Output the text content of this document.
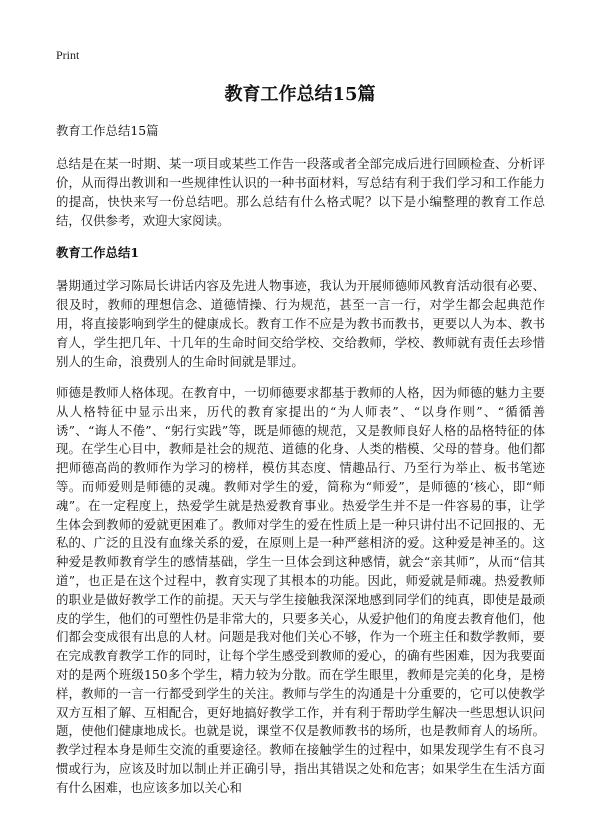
Print
教育工作总结15篇

教育工作总结15篇

总结是在某一时期、某一项目或某些工作告一段落或者全部完成后进行回顾检查、分析评价，从而得出教训和一些规律性认识的一种书面材料，写总结有利于我们学习和工作能力的提高，快快来写一份总结吧。那么总结有什么格式呢？以下是小编整理的教育工作总结，仅供参考，欢迎大家阅读。

教育工作总结1

暑期通过学习陈局长讲话内容及先进人物事迹，我认为开展师德师风教育活动很有必要、很及时，教师的理想信念、道德情操、行为规范，甚至一言一行，对学生都会起典范作用，将直接影响到学生的健康成长。教育工作不应是为教书而教书，更要以人为本、教书育人，学生把几年、十几年的生命时间交给学校、交给教师，学校、教师就有责任去珍惜别人的生命，浪费别人的生命时间就是罪过。

师德是教师人格体现。在教育中，一切师德要求都基于教师的人格，因为师德的魅力主要从人格特征中显示出来，历代的教育家提出的“为人师表”、“以身作则”、“循循善诱”、“诲人不倦”、“躬行实践”等，既是师德的规范，又是教师良好人格的品格特征的体现。在学生心目中，教师是社会的规范、道德的化身、人类的楷模、父母的替身。他们都把师德高尚的教师作为学习的榜样，模仿其态度、情趣品行、乃至行为举止、板书笔迹等。而师爱则是师德的灵魂。教师对学生的爱，简称为“师爱”，是师德的‘核心，即“师魂”。在一定程度上，热爱学生就是热爱教育事业。热爱学生并不是一件容易的事，让学生体会到教师的爱就更困难了。教师对学生的爱在性质上是一种只讲付出不记回报的、无私的、广泛的且没有血缘关系的爱，在原则上是一种严慈相济的爱。这种爱是神圣的。这种爱是教师教育学生的感情基础，学生一旦体会到这种感情，就会“亲其师”，从而“信其道”，也正是在这个过程中，教育实现了其根本的功能。因此，师爱就是师魂。热爱教师的职业是做好教学工作的前提。天天与学生接触我深深地感到同学们的纯真，即使是最顽皮的学生，他们的可塑性仍是非常大的，只要多关心，从爱护他们的角度去教育他们，他们都会变成很有出息的人材。问题是我对他们关心不够，作为一个班主任和数学教师，要在完成教育教学工作的同时，让每个学生感受到教师的爱心，的确有些困难，因为我要面对的是两个班级150多个学生，精力较为分散。而在学生眼里，教师是完美的化身，是榜样，教师的一言一行都受到学生的关注。教师与学生的沟通是十分重要的，它可以使教学双方互相了解、互相配合，更好地搞好教学工作，并有利于帮助学生解决一些思想认识问题，使他们健康地成长。也就是说，课堂不仅是教师教书的场所，也是教师育人的场所。教学过程本身是师生交流的重要途径。教师在接触学生的过程中，如果发现学生有不良习惯或行为，应该及时加以制止并正确引导，指出其错误之处和危害；如果学生在生活方面有什么困难，也应该多加以关心和
